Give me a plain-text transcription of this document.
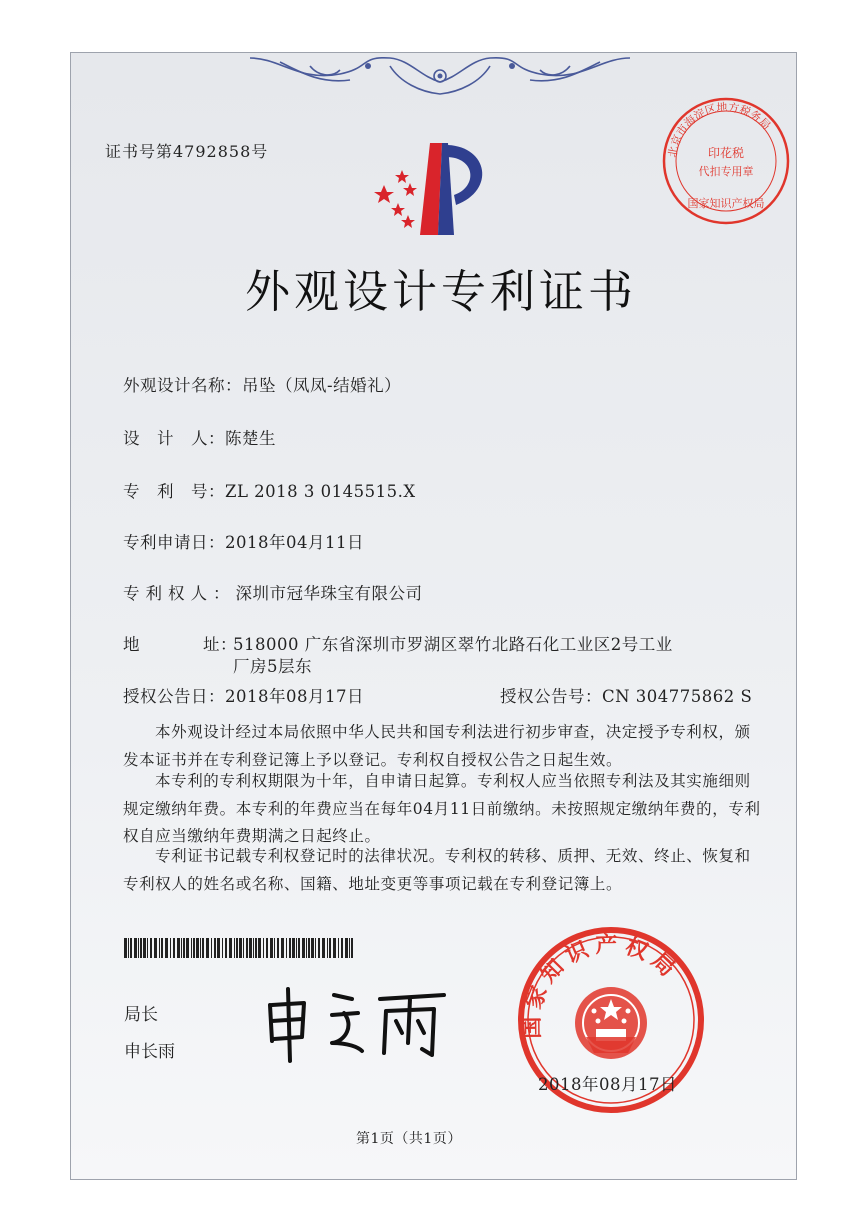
证书号第4792858号	北京市海淀区地方税务局
印花税
代扣专用章
国家知识产权局
外观设计专利证书
外观设计名称：吊坠（凤凤-结婚礼）
设　计　人：陈楚生
专　利　号：ZL 2018 3 0145515.X
专利申请日：2018年04月11日
专利权人：深圳市冠华珠宝有限公司
地	址：
518000 广东省深圳市罗湖区翠竹北路石化工业区2号工业
厂房5层东
授权公告日：2018年08月17日	授权公告号：CN 304775862 S
本外观设计经过本局依照中华人民共和国专利法进行初步审查，决定授予专利权，颁发本证书并在专利登记簿上予以登记。专利权自授权公告之日起生效。
本专利的专利权期限为十年，自申请日起算。专利权人应当依照专利法及其实施细则规定缴纳年费。本专利的年费应当在每年04月11日前缴纳。未按照规定缴纳年费的，专利权自应当缴纳年费期满之日起终止。
专利证书记载专利权登记时的法律状况。专利权的转移、质押、无效、终止、恢复和专利权人的姓名或名称、国籍、地址变更等事项记载在专利登记簿上。
局长
申长雨
国家知识产权局
2018年08月17日
第1页（共1页）
